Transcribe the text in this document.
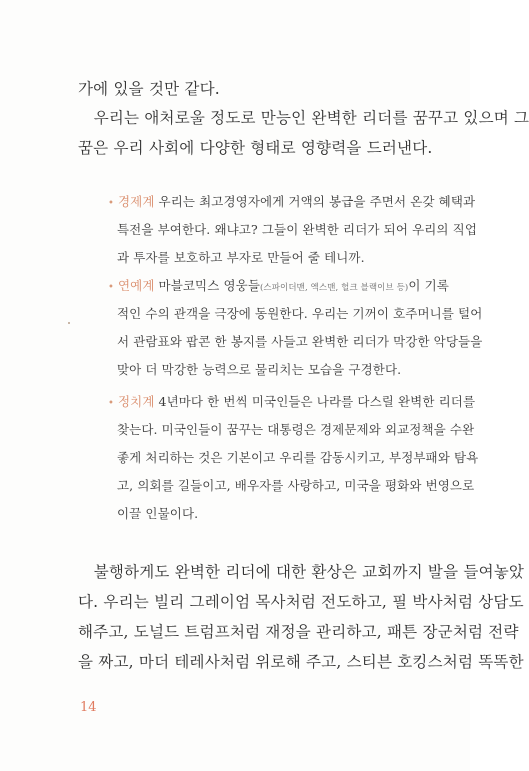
가에 있을 것만 같다.
　우리는 애처로울 정도로 만능인 완벽한 리더를 꿈꾸고 있으며 그
꿈은 우리 사회에 다양한 형태로 영향력을 드러낸다.
• 경제계 우리는 최고경영자에게 거액의 봉급을 주면서 온갖 혜택과
특전을 부여한다. 왜냐고? 그들이 완벽한 리더가 되어 우리의 직업
과 투자를 보호하고 부자로 만들어 줄 테니까.
• 연예계 마블코믹스 영웅들(스파이더맨, 엑스맨, 헐크 블랙이브 등)이 기록
적인 수의 관객을 극장에 동원한다. 우리는 기꺼이 호주머니를 털어
서 관람표와 팝콘 한 봉지를 사들고 완벽한 리더가 막강한 악당들을
맞아 더 막강한 능력으로 물리치는 모습을 구경한다.
• 정치계 4년마다 한 번씩 미국인들은 나라를 다스릴 완벽한 리더를
찾는다. 미국인들이 꿈꾸는 대통령은 경제문제와 외교정책을 수완
좋게 처리하는 것은 기본이고 우리를 감동시키고, 부정부패와 탐욕
고, 의회를 길들이고, 배우자를 사랑하고, 미국을 평화와 번영으로
이끌 인물이다.
　불행하게도 완벽한 리더에 대한 환상은 교회까지 발을 들여놓았
다. 우리는 빌리 그레이엄 목사처럼 전도하고, 필 박사처럼 상담도
해주고, 도널드 트럼프처럼 재정을 관리하고, 패튼 장군처럼 전략
을 짜고, 마더 테레사처럼 위로해 주고, 스티븐 호킹스처럼 똑똑한
14
